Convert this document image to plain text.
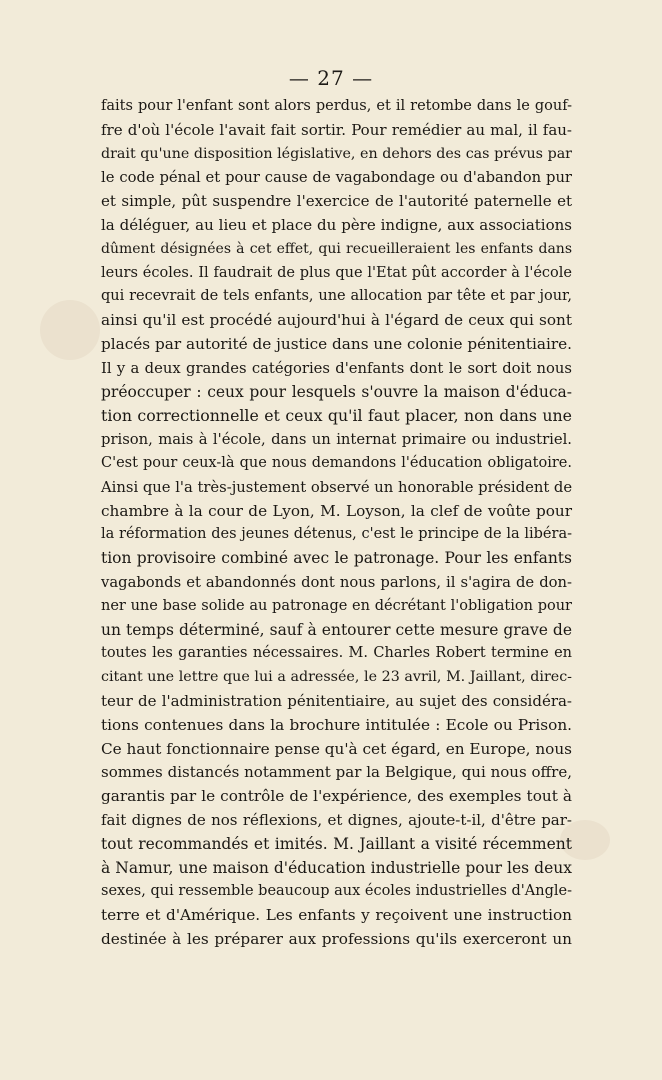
— 27 —
faits pour l'enfant sont alors perdus, et il retombe dans le gouf-
fre d'où l'école l'avait fait sortir. Pour remédier au mal, il fau-
drait qu'une disposition législative, en dehors des cas prévus par
le code pénal et pour cause de vagabondage ou d'abandon pur
et simple, pût suspendre l'exercice de l'autorité paternelle et
la déléguer, au lieu et place du père indigne, aux associations
dûment désignées à cet effet, qui recueilleraient les enfants dans
leurs écoles. Il faudrait de plus que l'Etat pût accorder à l'école
qui recevrait de tels enfants, une allocation par tête et par jour,
ainsi qu'il est procédé aujourd'hui à l'égard de ceux qui sont
placés par autorité de justice dans une colonie pénitentiaire.
Il y a deux grandes catégories d'enfants dont le sort doit nous
préoccuper : ceux pour lesquels s'ouvre la maison d'éduca-
tion correctionnelle et ceux qu'il faut placer, non dans une
prison, mais à l'école, dans un internat primaire ou industriel.
C'est pour ceux-là que nous demandons l'éducation obligatoire.
Ainsi que l'a très-justement observé un honorable président de
chambre à la cour de Lyon, M. Loyson, la clef de voûte pour
la réformation des jeunes détenus, c'est le principe de la libéra-
tion provisoire combiné avec le patronage. Pour les enfants
vagabonds et abandonnés dont nous parlons, il s'agira de don-
ner une base solide au patronage en décrétant l'obligation pour
un temps déterminé, sauf à entourer cette mesure grave de
toutes les garanties nécessaires. M. Charles Robert termine en
citant une lettre que lui a adressée, le 23 avril, M. Jaillant, direc-
teur de l'administration pénitentiaire, au sujet des considéra-
tions contenues dans la brochure intitulée : Ecole ou Prison.
Ce haut fonctionnaire pense qu'à cet égard, en Europe, nous
sommes distancés notamment par la Belgique, qui nous offre,
garantis par le contrôle de l'expérience, des exemples tout à
fait dignes de nos réflexions, et dignes, ajoute-t-il, d'être par-
tout recommandés et imités. M. Jaillant a visité récemment
à Namur, une maison d'éducation industrielle pour les deux
sexes, qui ressemble beaucoup aux écoles industrielles d'Angle-
terre et d'Amérique. Les enfants y reçoivent une instruction
destinée à les préparer aux professions qu'ils exerceront un
